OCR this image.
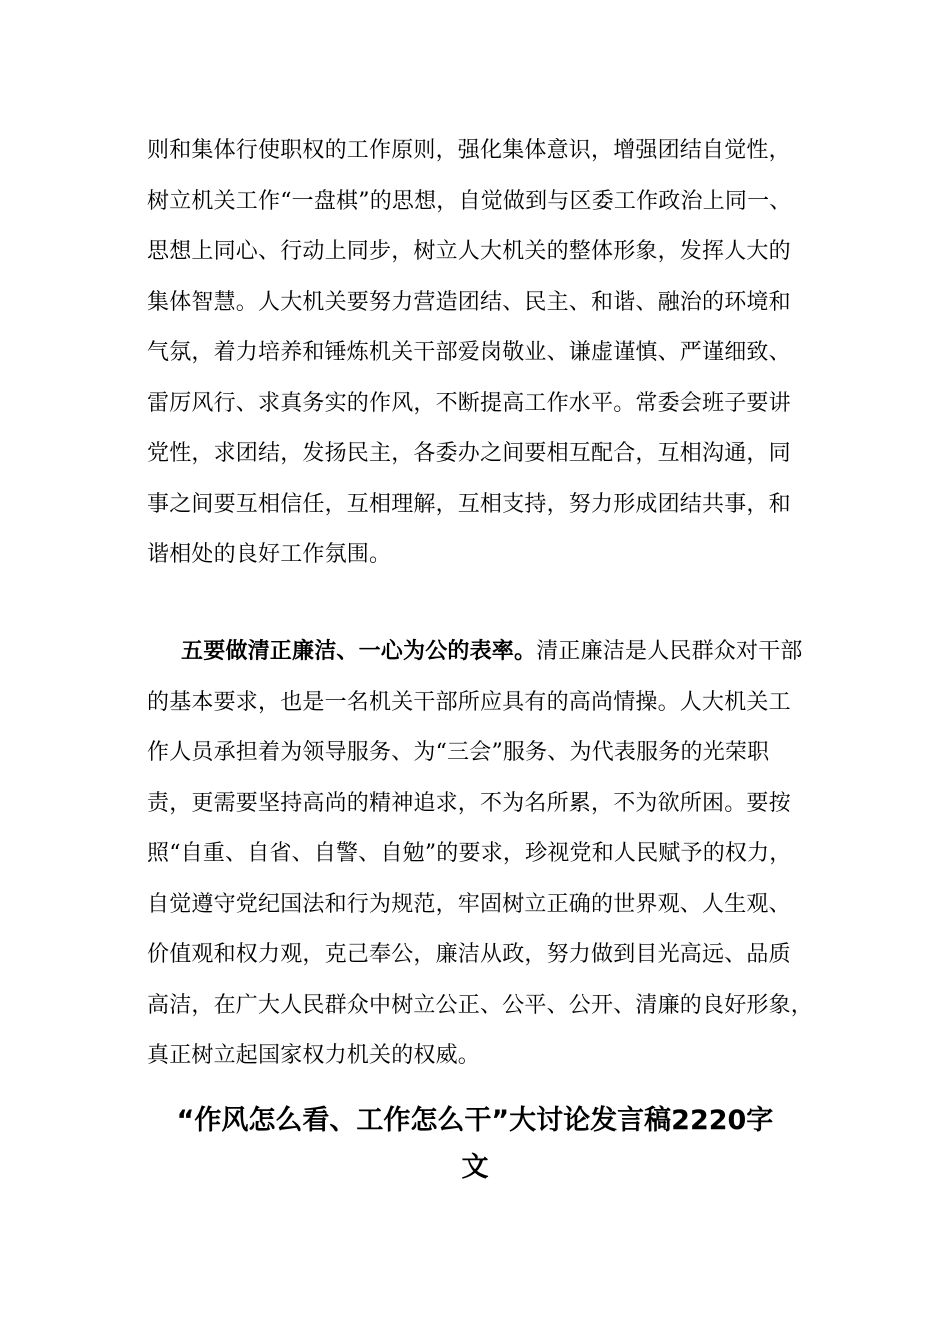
则和集体行使职权的工作原则，强化集体意识，增强团结自觉性，
树立机关工作“一盘棋”的思想，自觉做到与区委工作政治上同一、
思想上同心、行动上同步，树立人大机关的整体形象，发挥人大的
集体智慧。人大机关要努力营造团结、民主、和谐、融治的环境和
气氛，着力培养和锤炼机关干部爱岗敬业、谦虚谨慎、严谨细致、
雷厉风行、求真务实的作风，不断提高工作水平。常委会班子要讲
党性，求团结，发扬民主，各委办之间要相互配合，互相沟通，同
事之间要互相信任，互相理解，互相支持，努力形成团结共事，和
谐相处的良好工作氛围。
五要做清正廉洁、一心为公的表率。清正廉洁是人民群众对干部
的基本要求，也是一名机关干部所应具有的高尚情操。人大机关工
作人员承担着为领导服务、为“三会”服务、为代表服务的光荣职
责，更需要坚持高尚的精神追求，不为名所累，不为欲所困。要按
照“自重、自省、自警、自勉”的要求，珍视党和人民赋予的权力，
自觉遵守党纪国法和行为规范，牢固树立正确的世界观、人生观、
价值观和权力观，克己奉公，廉洁从政，努力做到目光高远、品质
高洁，在广大人民群众中树立公正、公平、公开、清廉的良好形象，
真正树立起国家权力机关的权威。
“作风怎么看、工作怎么干”大讨论发言稿2220字
文
